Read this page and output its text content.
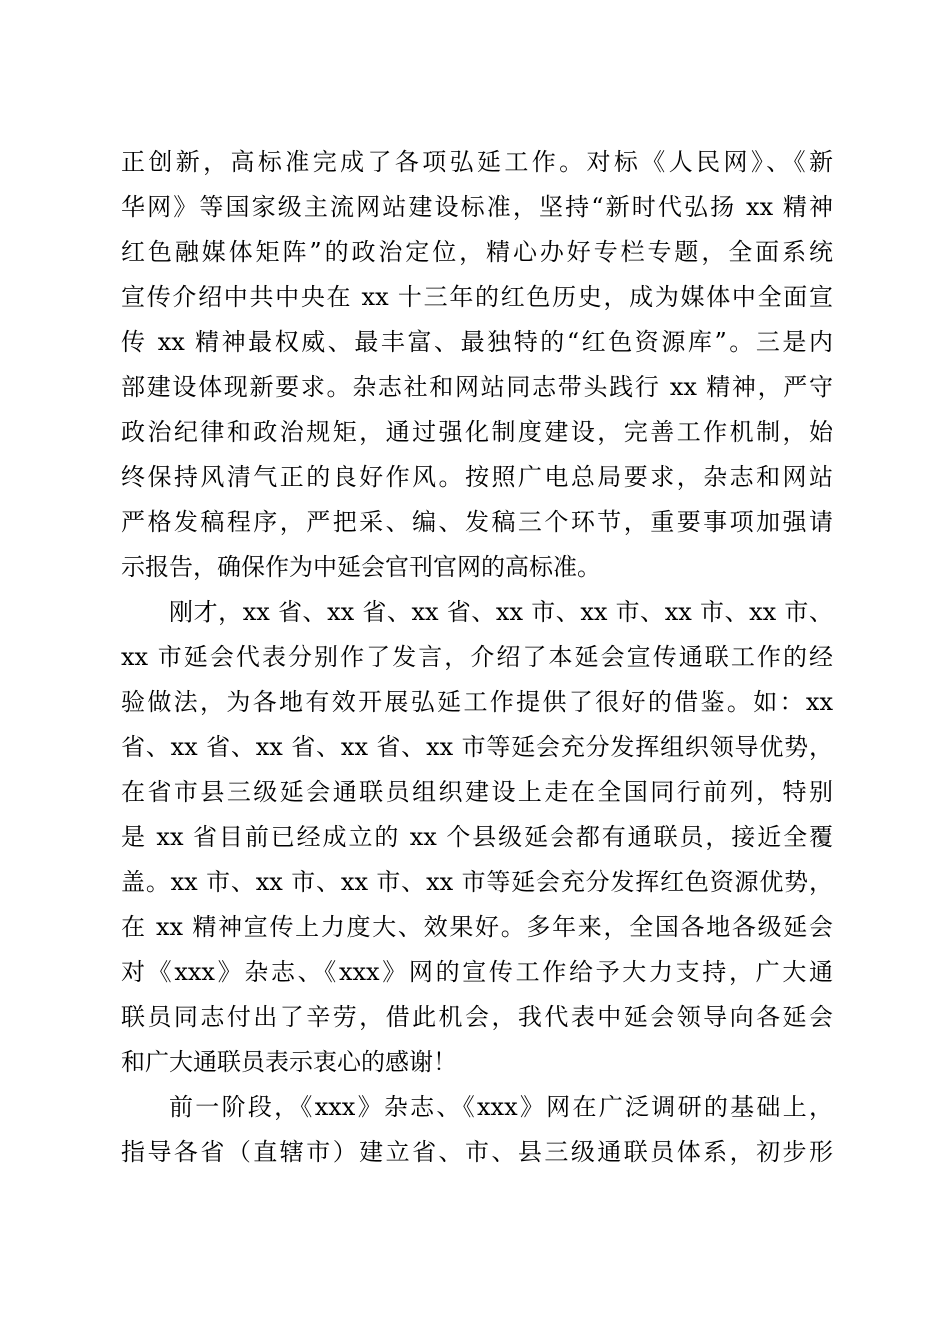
正创新，高标准完成了各项弘延工作。对标《人民网》、《新
华网》等国家级主流网站建设标准，坚持“新时代弘扬 xx 精神
红色融媒体矩阵”的政治定位，精心办好专栏专题，全面系统
宣传介绍中共中央在 xx 十三年的红色历史，成为媒体中全面宣
传 xx 精神最权威、最丰富、最独特的“红色资源库”。三是内
部建设体现新要求。杂志社和网站同志带头践行 xx 精神，严守
政治纪律和政治规矩，通过强化制度建设，完善工作机制，始
终保持风清气正的良好作风。按照广电总局要求，杂志和网站
严格发稿程序，严把采、编、发稿三个环节，重要事项加强请
示报告，确保作为中延会官刊官网的高标准。
刚才，xx 省、xx 省、xx 省、xx 市、xx 市、xx 市、xx 市、
xx 市延会代表分别作了发言，介绍了本延会宣传通联工作的经
验做法，为各地有效开展弘延工作提供了很好的借鉴。如：xx
省、xx 省、xx 省、xx 省、xx 市等延会充分发挥组织领导优势，
在省市县三级延会通联员组织建设上走在全国同行前列，特别
是 xx 省目前已经成立的 xx 个县级延会都有通联员，接近全覆
盖。xx 市、xx 市、xx 市、xx 市等延会充分发挥红色资源优势，
在 xx 精神宣传上力度大、效果好。多年来，全国各地各级延会
对《xxx》杂志、《xxx》网的宣传工作给予大力支持，广大通
联员同志付出了辛劳，借此机会，我代表中延会领导向各延会
和广大通联员表示衷心的感谢！
前一阶段，《xxx》杂志、《xxx》网在广泛调研的基础上，
指导各省（直辖市）建立省、市、县三级通联员体系，初步形
